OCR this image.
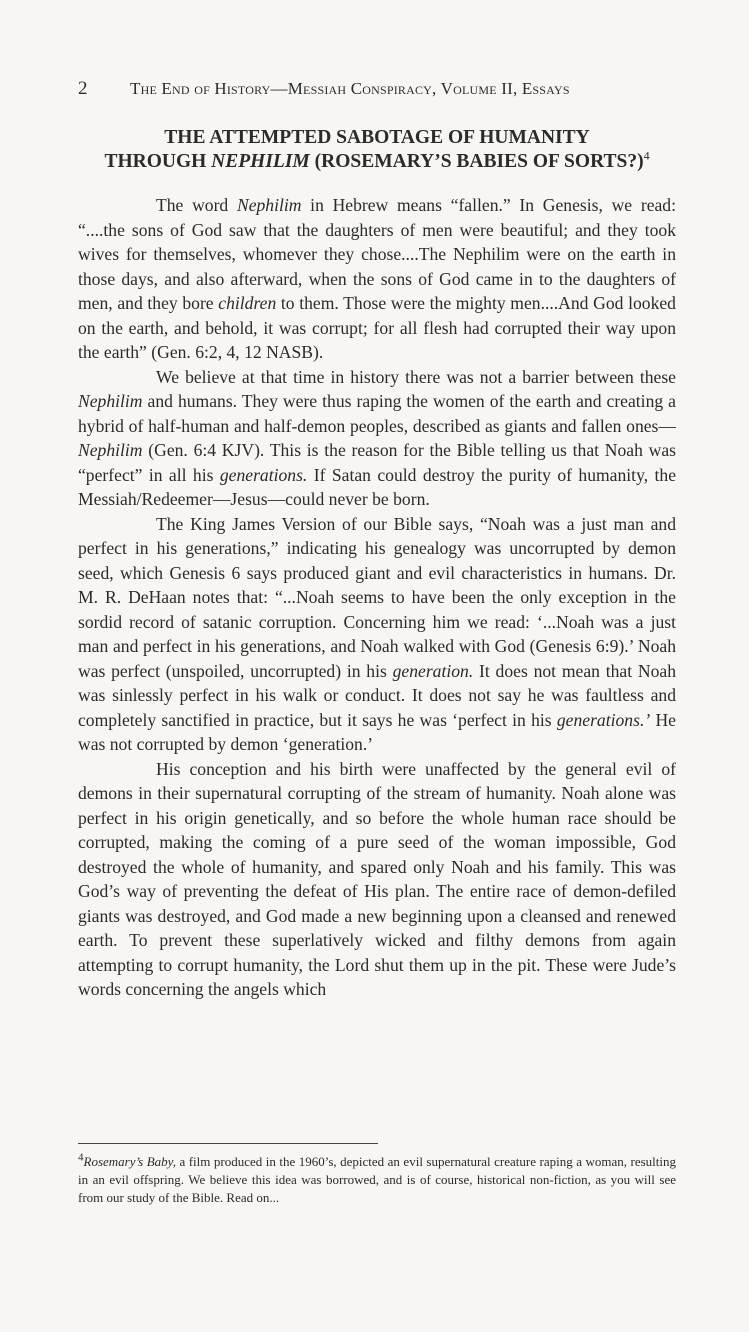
2 The End of History—Messiah Conspiracy, Volume II, Essays
THE ATTEMPTED SABOTAGE OF HUMANITY
THROUGH NEPHILIM (ROSEMARY’S BABIES OF SORTS?)$^4$

The word Nephilim in Hebrew means “fallen.” In Genesis, we read: “....the sons of God saw that the daughters of men were beautiful; and they took wives for themselves, whomever they chose....The Nephilim were on the earth in those days, and also afterward, when the sons of God came in to the daughters of men, and they bore children to them. Those were the mighty men....And God looked on the earth, and behold, it was corrupt; for all flesh had corrupted their way upon the earth” (Gen. 6:2, 4, 12 NASB).

We believe at that time in history there was not a barrier between these Nephilim and humans. They were thus raping the women of the earth and creating a hybrid of half-human and half-demon peoples, described as giants and fallen ones—Nephilim (Gen. 6:4 KJV). This is the reason for the Bible telling us that Noah was “perfect” in all his generations. If Satan could destroy the purity of humanity, the Messiah/Redeemer—Jesus—could never be born.

The King James Version of our Bible says, “Noah was a just man and perfect in his generations,” indicating his genealogy was uncorrupted by demon seed, which Genesis 6 says produced giant and evil characteristics in humans. Dr. M. R. DeHaan notes that: “...Noah seems to have been the only exception in the sordid record of satanic corruption. Concerning him we read: ‘...Noah was a just man and perfect in his generations, and Noah walked with God (Genesis 6:9).’ Noah was perfect (unspoiled, uncorrupted) in his generation. It does not mean that Noah was sinlessly perfect in his walk or conduct. It does not say he was faultless and completely sanctified in practice, but it says he was ‘perfect in his generations.’ He was not corrupted by demon ‘generation.’

His conception and his birth were unaffected by the general evil of demons in their supernatural corrupting of the stream of humanity. Noah alone was perfect in his origin genetically, and so before the whole human race should be corrupted, making the coming of a pure seed of the woman impossible, God destroyed the whole of humanity, and spared only Noah and his family. This was God’s way of preventing the defeat of His plan. The entire race of demon-defiled giants was destroyed, and God made a new beginning upon a cleansed and renewed earth. To prevent these superlatively wicked and filthy demons from again attempting to corrupt humanity, the Lord shut them up in the pit. These were Jude’s words concerning the angels which

$^4$Rosemary’s Baby, a film produced in the 1960’s, depicted an evil supernatural creature raping a woman, resulting in an evil offspring. We believe this idea was borrowed, and is of course, historical non-fiction, as you will see from our study of the Bible. Read on...
